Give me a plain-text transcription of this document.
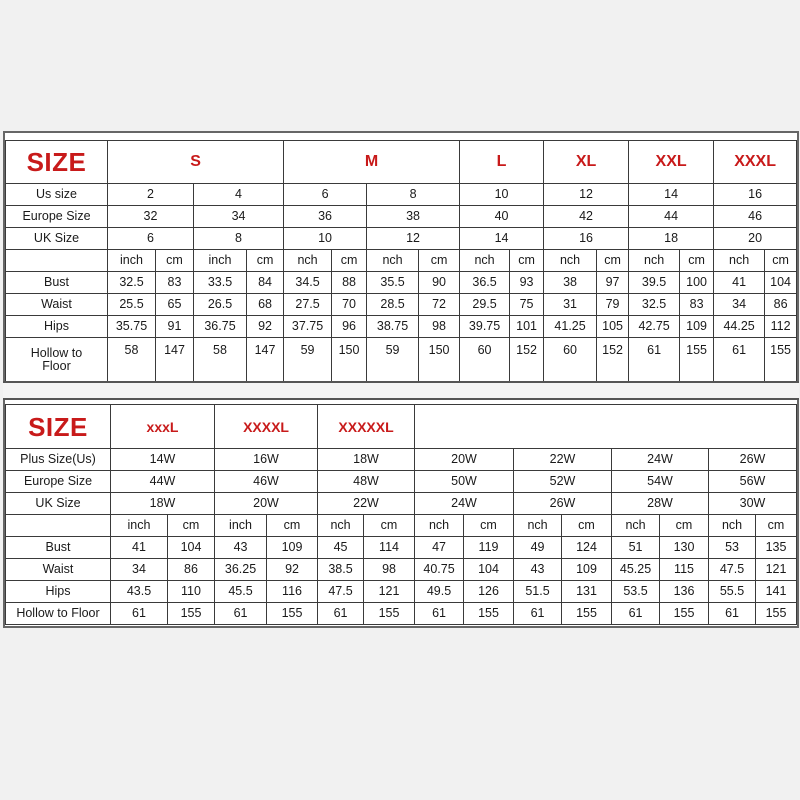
SIZE	S				M				L		XL		XXL		XXXL	
Us size	2		4		6		8		10		12		14		16	
Europe Size	32		34		36		38		40		42		44		46	
UK Size	6		8		10		12		14		16		18		20	
	inch	cm	inch	cm	nch	cm	nch	cm	nch	cm	nch	cm	nch	cm	nch	cm
Bust	32.5	83	33.5	84	34.5	88	35.5	90	36.5	93	38	97	39.5	100	41	104
Waist	25.5	65	26.5	68	27.5	70	28.5	72	29.5	75	31	79	32.5	83	34	86
Hips	35.75	91	36.75	92	37.75	96	38.75	98	39.75	101	41.25	105	42.75	109	44.25	112
Hollow to
Floor	58	147	58	147	59	150	59	150	60	152	60	152	61	155	61	155
SIZE	xxxL		XXXXL		XXXXXL									
Plus Size(Us)	14W		16W		18W		20W		22W		24W		26W	
Europe Size	44W		46W		48W		50W		52W		54W		56W	
UK Size	18W		20W		22W		24W		26W		28W		30W	
	inch	cm	inch	cm	nch	cm	nch	cm	nch	cm	nch	cm	nch	cm
Bust	41	104	43	109	45	114	47	119	49	124	51	130	53	135
Waist	34	86	36.25	92	38.5	98	40.75	104	43	109	45.25	115	47.5	121
Hips	43.5	110	45.5	116	47.5	121	49.5	126	51.5	131	53.5	136	55.5	141
Hollow to Floor	61	155	61	155	61	155	61	155	61	155	61	155	61	155
